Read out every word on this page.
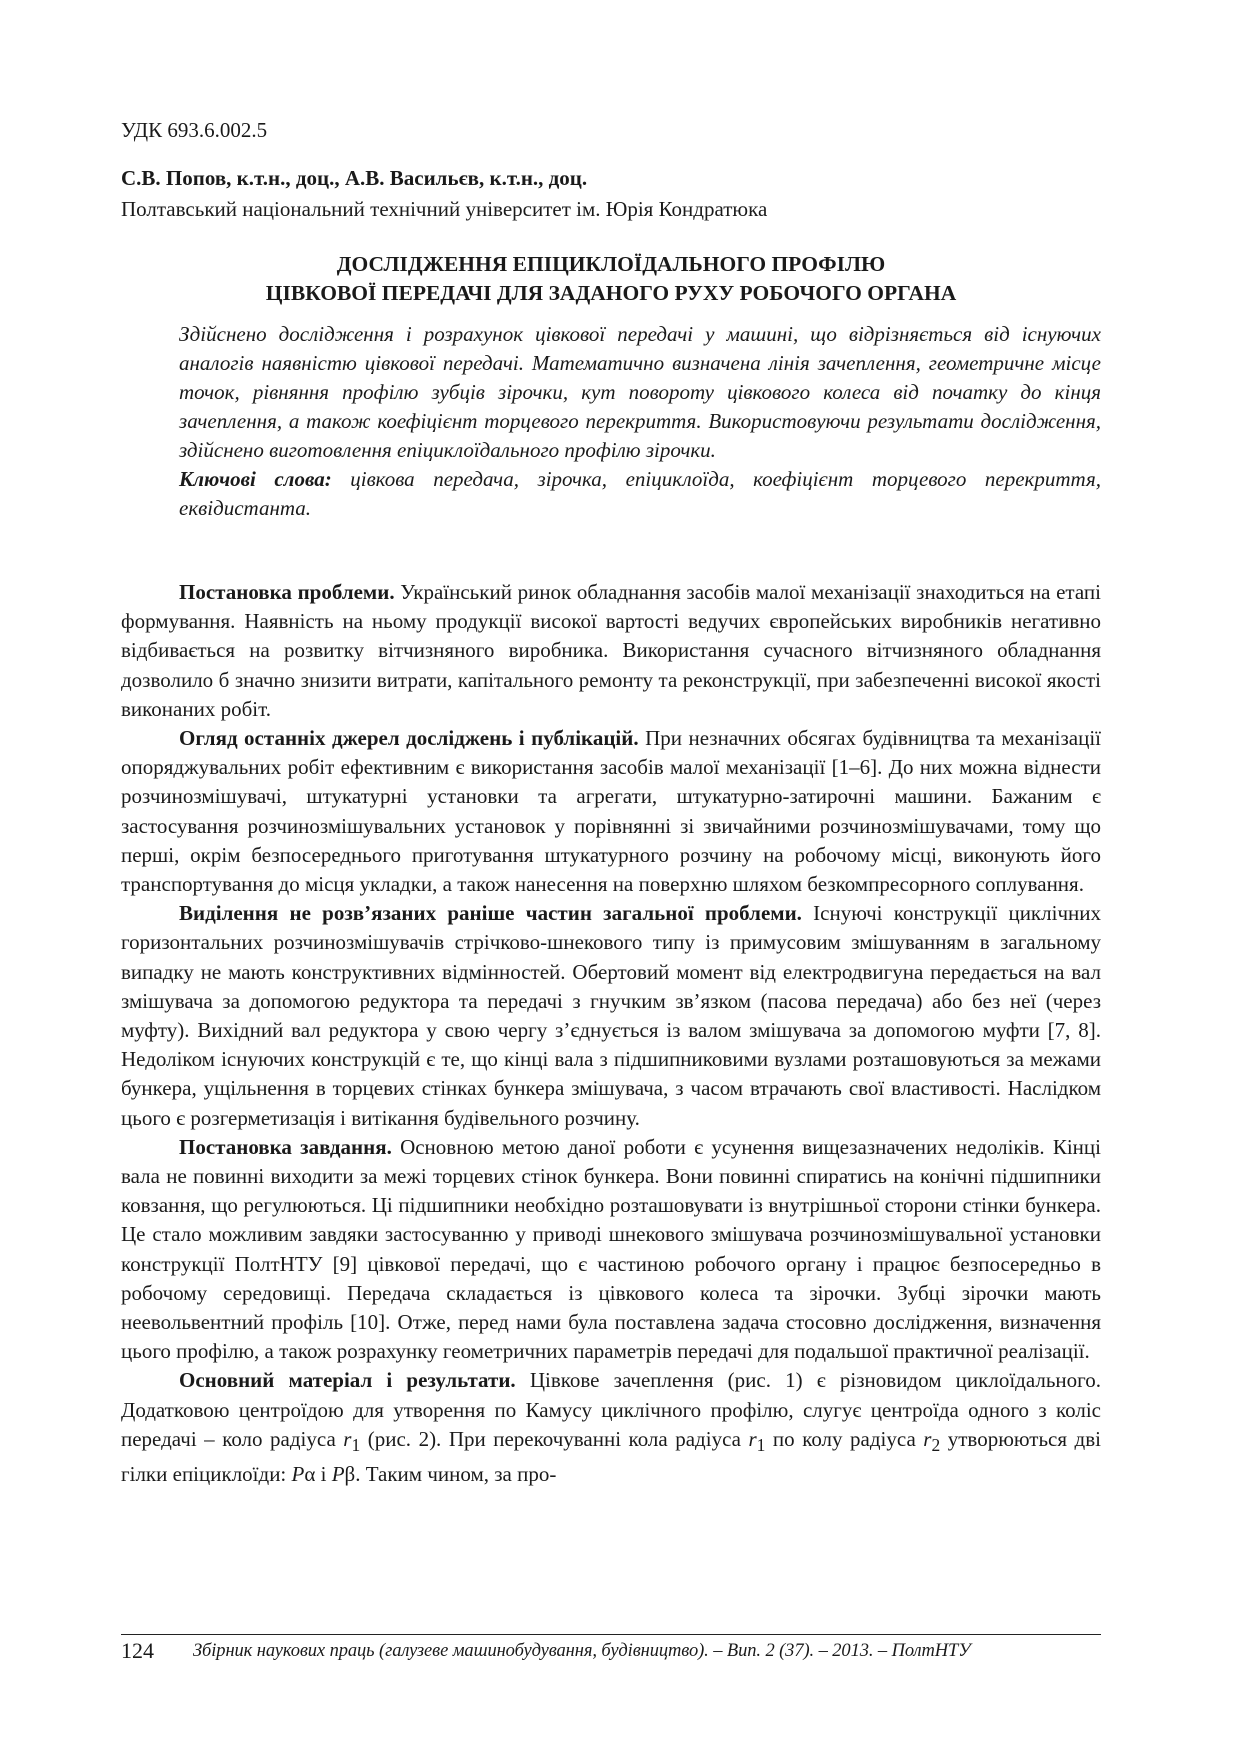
УДК 693.6.002.5
С.В. Попов, к.т.н., доц., А.В. Васильєв, к.т.н., доц.
Полтавський національний технічний університет ім. Юрія Кондратюка
ДОСЛІДЖЕННЯ ЕПІЦИКЛОЇДАЛЬНОГО ПРОФІЛЮ
ЦІВКОВОЇ ПЕРЕДАЧІ ДЛЯ ЗАДАНОГО РУХУ РОБОЧОГО ОРГАНА
Здійснено дослідження і розрахунок цівкової передачі у машині, що відрізняється від існуючих аналогів наявністю цівкової передачі. Математично визначена лінія зачеплення, геометричне місце точок, рівняння профілю зубців зірочки, кут повороту цівкового колеса від початку до кінця зачеплення, а також коефіцієнт торцевого перекриття. Використовуючи результати дослідження, здійснено виготовлення епіциклоїдального профілю зірочки.
Ключові слова: цівкова передача, зірочка, епіциклоїда, коефіцієнт торцевого перекриття, еквідистанта.

Постановка проблеми. Український ринок обладнання засобів малої механізації знаходиться на етапі формування. Наявність на ньому продукції високої вартості ведучих європейських виробників негативно відбивається на розвитку вітчизняного виробника. Використання сучасного вітчизняного обладнання дозволило б значно знизити витрати, капітального ремонту та реконструкції, при забезпеченні високої якості виконаних робіт.

Огляд останніх джерел досліджень і публікацій. При незначних обсягах будівництва та механізації опоряджувальних робіт ефективним є використання засобів малої механізації [1–6]. До них можна віднести розчинозмішувачі, штукатурні установки та агрегати, штукатурно-затирочні машини. Бажаним є застосування розчинозмішувальних установок у порівнянні зі звичайними розчинозмішувачами, тому що перші, окрім безпосереднього приготування штукатурного розчину на робочому місці, виконують його транспортування до місця укладки, а також нанесення на поверхню шляхом безкомпресорного соплування.

Виділення не розв’язаних раніше частин загальної проблеми. Існуючі конструкції циклічних горизонтальних розчинозмішувачів стрічково-шнекового типу із примусовим змішуванням в загальному випадку не мають конструктивних відмінностей. Обертовий момент від електродвигуна передається на вал змішувача за допомогою редуктора та передачі з гнучким зв’язком (пасова передача) або без неї (через муфту). Вихідний вал редуктора у свою чергу з’єднується із валом змішувача за допомогою муфти [7, 8]. Недоліком існуючих конструкцій є те, що кінці вала з підшипниковими вузлами розташовуються за межами бункера, ущільнення в торцевих стінках бункера змішувача, з часом втрачають свої властивості. Наслідком цього є розгерметизація і витікання будівельного розчину.

Постановка завдання. Основною метою даної роботи є усунення вищезазначених недоліків. Кінці вала не повинні виходити за межі торцевих стінок бункера. Вони повинні спиратись на конічні підшипники ковзання, що регулюються. Ці підшипники необхідно розташовувати із внутрішньої сторони стінки бункера. Це стало можливим завдяки застосуванню у приводі шнекового змішувача розчинозмішувальної установки конструкції ПолтНТУ [9] цівкової передачі, що є частиною робочого органу і працює безпосередньо в робочому середовищі. Передача складається із цівкового колеса та зірочки. Зубці зірочки мають неевольвентний профіль [10]. Отже, перед нами була поставлена задача стосовно дослідження, визначення цього профілю, а також розрахунку геометричних параметрів передачі для подальшої практичної реалізації.

Основний матеріал і результати. Цівкове зачеплення (рис. 1) є різновидом циклоїдального. Додатковою центроїдою для утворення по Камусу циклічного профілю, слугує центроїда одного з коліс передачі – коло радіуса $r_1$ (рис. 2). При перекочуванні кола радіуса $r_1$ по колу радіуса $r_2$ утворюються дві гілки епіциклоїди: Рα і Рβ. Таким чином, за про-

124 Збірник наукових праць (галузеве машинобудування, будівництво). – Вип. 2 (37). – 2013. – ПолтНТУ
